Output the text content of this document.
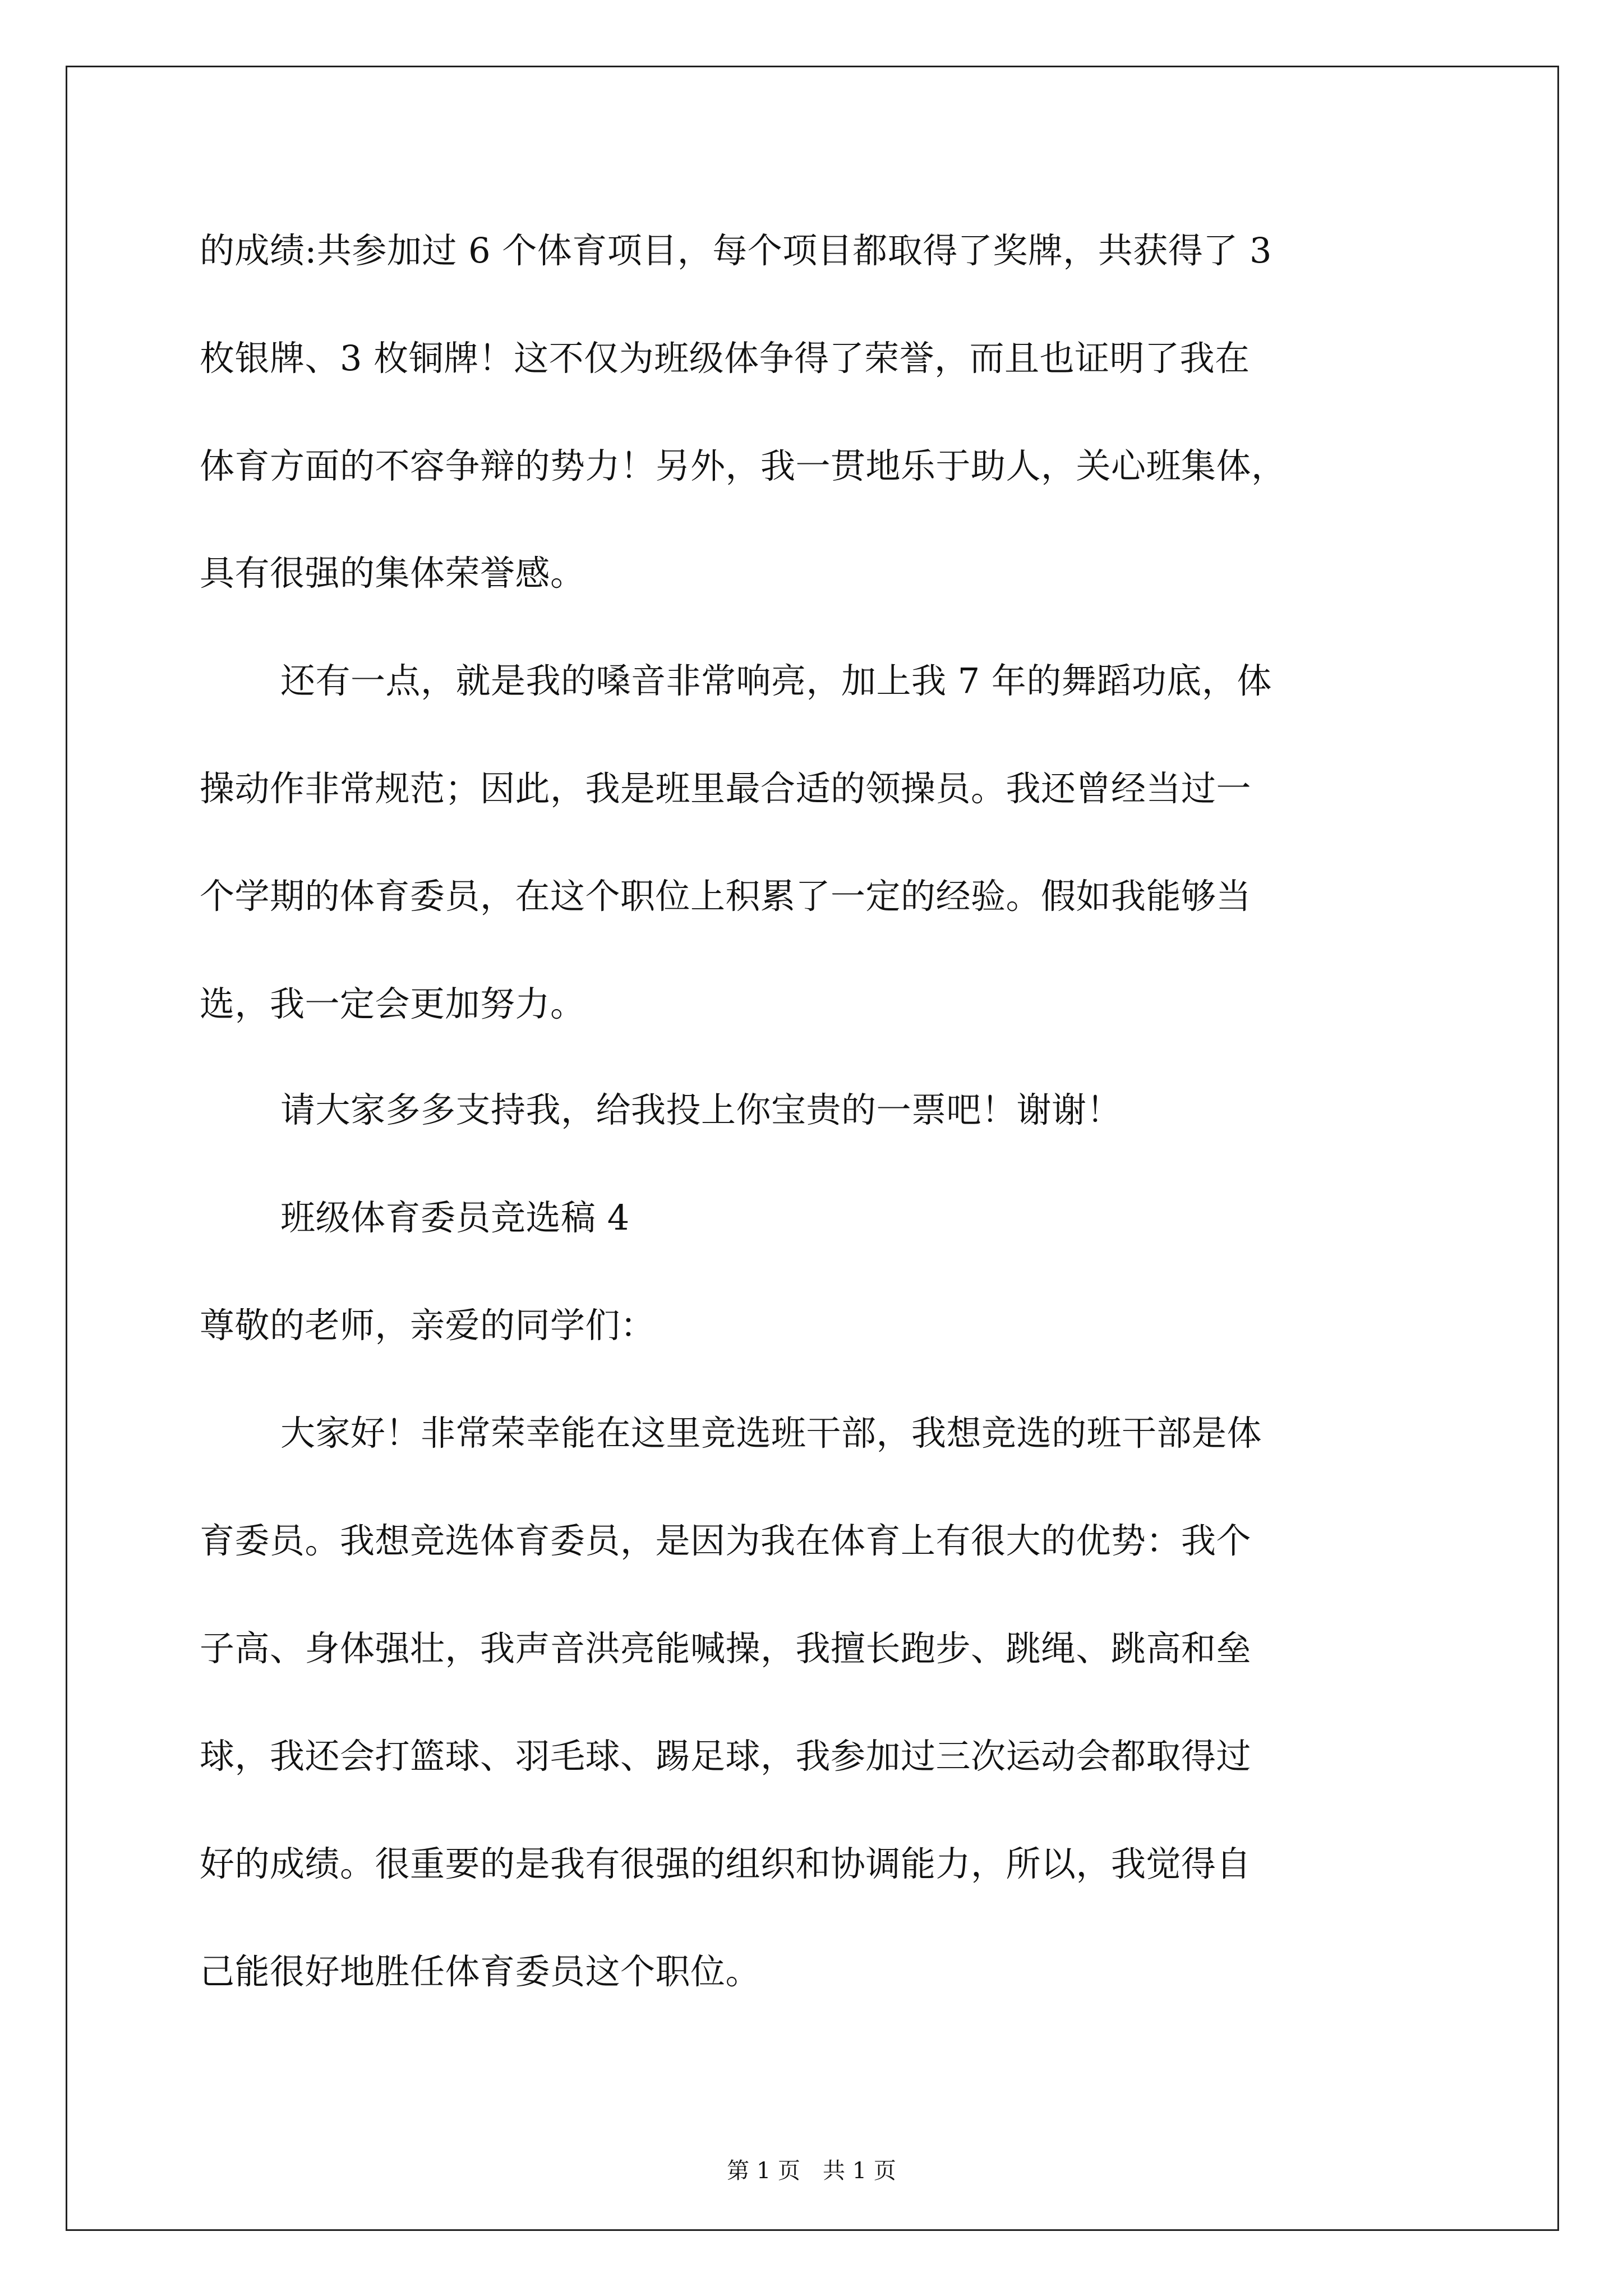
的成绩:共参加过 6 个体育项目，每个项目都取得了奖牌，共获得了 3
枚银牌、3 枚铜牌！这不仅为班级体争得了荣誉，而且也证明了我在
体育方面的不容争辩的势力！另外，我一贯地乐于助人，关心班集体，
具有很强的集体荣誉感。
还有一点，就是我的嗓音非常响亮，加上我 7 年的舞蹈功底，体
操动作非常规范；因此，我是班里最合适的领操员。我还曾经当过一
个学期的体育委员，在这个职位上积累了一定的经验。假如我能够当
选，我一定会更加努力。
请大家多多支持我，给我投上你宝贵的一票吧！谢谢！
班级体育委员竞选稿 4
尊敬的老师，亲爱的同学们：
大家好！非常荣幸能在这里竞选班干部，我想竞选的班干部是体
育委员。我想竞选体育委员，是因为我在体育上有很大的优势：我个
子高、身体强壮，我声音洪亮能喊操，我擅长跑步、跳绳、跳高和垒
球，我还会打篮球、羽毛球、踢足球，我参加过三次运动会都取得过
好的成绩。很重要的是我有很强的组织和协调能力，所以，我觉得自
己能很好地胜任体育委员这个职位。
第 1 页 共 1 页
